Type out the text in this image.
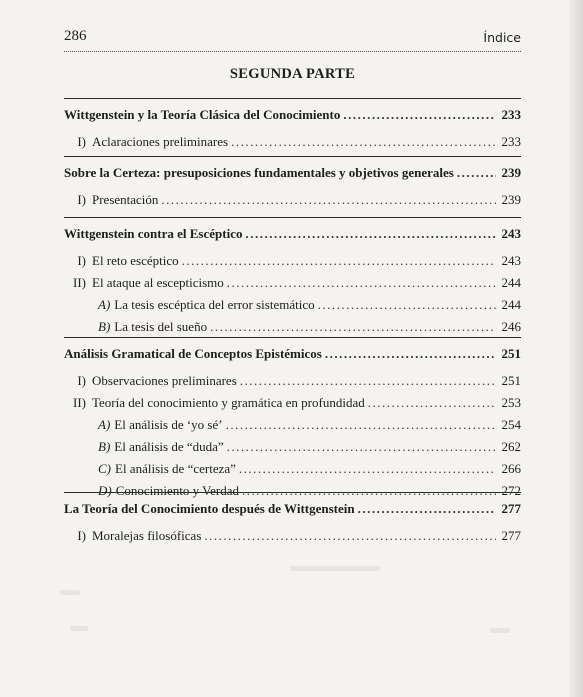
286	Índice
SEGUNDA PARTE
Wittgenstein y la Teoría Clásica del Conocimiento .....	233
I) Aclaraciones preliminares .....	233
Sobre la Certeza: presuposiciones fundamentales y objetivos generales .....	239
I) Presentación .....	239
Wittgenstein contra el Escéptico .....	243
I) El reto escéptico .....	243
II) El ataque al escepticismo .....	244
A) La tesis escéptica del error sistemático .....	244
B) La tesis del sueño .....	246
Análisis Gramatical de Conceptos Epistémicos .....	251
I) Observaciones preliminares .....	251
II) Teoría del conocimiento y gramática en profundidad .....	253
A) El análisis de ‘yo sé’ .....	254
B) El análisis de “duda” .....	262
C) El análisis de “certeza” .....	266
D) Conocimiento y Verdad .....	272
La Teoría del Conocimiento después de Wittgenstein .....	277
I) Moralejas filosóficas .....	277
